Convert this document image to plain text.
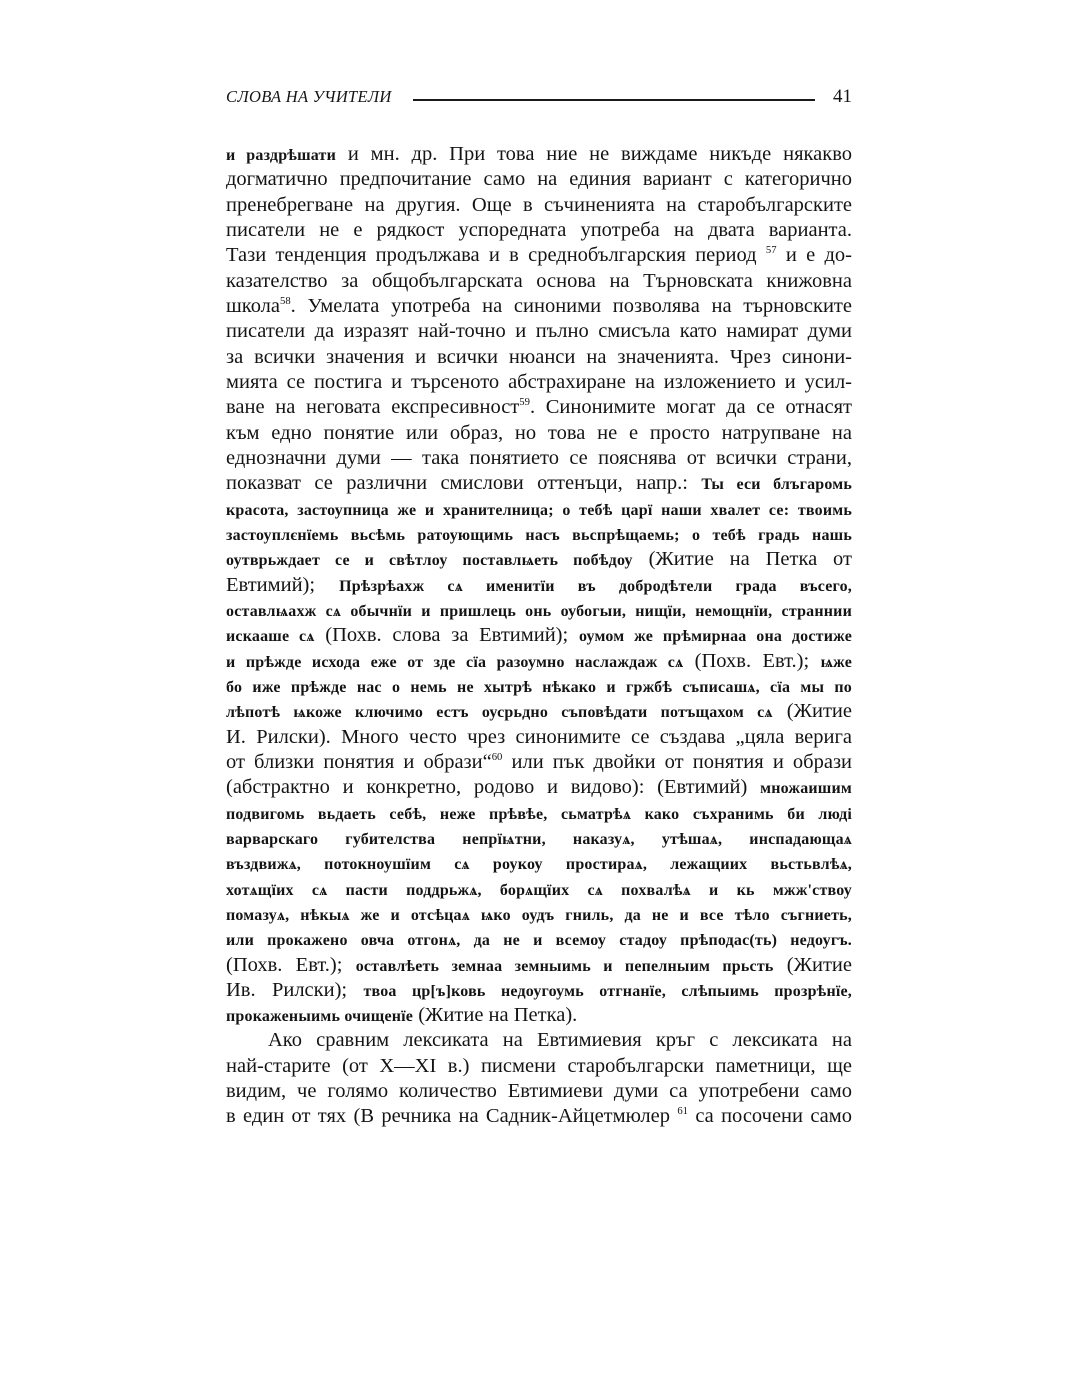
СЛОВА НА УЧИТЕЛИ	41
и раздрѣшати и мн. др. При това ние не виждаме никъде някакво
догматично предпочитание само на единия вариант с категорично
пренебрегване на другия. Още в съчиненията на старобългарските
писатели не е рядкост успоредната употреба на двата варианта.
Тази тенденция продължава и в среднобългарския период $^{57}$ и е до-
казателство за общобългарската основа на Търновската книжовна
школа$^{58}$. Умелата употреба на синоними позволява на търновските
писатели да изразят най-точно и пълно смисъла като намират думи
за всички значения и всички нюанси на значенията. Чрез синони-
мията се постига и търсеното абстрахиране на изложението и усил-
ване на неговата експресивност$^{59}$. Синонимите могат да се отнасят
към едно понятие или образ, но това не е просто натрупване на
еднозначни думи — така понятието се пояснява от всички страни,
показват се различни смислови оттенъци, напр.: Ты еси блъгаромь
красота, застоупница же и хранителница; о тебѣ царї наши хвалет се: твоимь
застоуплєнїемь вьсѣмь ратоующимь насъ вьспрѣщаемь; о тебѣ градь нашь
оутврьждает се и свѣтлоу поставлѩеть побѣдоу (Житие на Петка от
Евтимий); Прѣзрѣахж сѧ именитїи въ добродѣтели града въсего,
оставлѩахж сѧ обычнїи и пришлець онь оубогыи, нищїи, немощнїи, страннии
искааше сѧ (Похв. слова за Евтимий); оумом же прѣмирнаа она достиже
и прѣжде исхода еже от зде сїа разоумно наслаждаж сѧ (Похв. Евт.); ѩже
бо иже прѣжде нас о немь не хытрѣ нѣкако и гржбѣ съписашѧ, сїа мы по
лѣпотѣ ѩкоже ключимо естъ оусрьдно съповѣдати потъщахом сѧ (Житие
И. Рилски). Много често чрез синонимите се създава „цяла верига
от близки понятия и образи“$^{60}$ или пък двойки от понятия и образи
(абстрактно и конкретно, родово и видово): (Евтимий) множаишим
подвигомь вьдаеть себѣ, неже прѣвѣе, сьматрѣѧ како съхранимь би люді
варварскаго губителства непрїѩтни, наказуѧ, утѣшаѧ, инспадающаѧ
въздвижѧ, потокноушїим сѧ роукоу простираѧ, лежащиих вьстьвлѣѧ,
хотѧщїих сѧ пасти поддрьжѧ, борѧщїих сѧ похвалѣѧ и кь мжж'ствоу
помазуѧ, нѣкыѧ же и отсѣцаѧ ѩко оудъ гниль, да не и все тѣло съгниеть,
или прокажено овча отгонѧ, да не и всемоу стадоу прѣподас(ть) недоугъ.
(Похв. Евт.); оставлѣеть земнаа земныимь и пепелныим прьсть (Житие
Ив. Рилски); твоа цр[ъ]ковь недоугоумь отгнанїе, слѣпыимь прозрѣнїе,
прокаженыимь очищенїе (Житие на Петка).
Ако сравним лексиката на Евтимиевия кръг с лексиката на
най-старите (от X—XI в.) писмени старобългарски паметници, ще
видим, че голямо количество Евтимиеви думи са употребени само
в един от тях (В речника на Садник-Айцетмюлер $^{61}$ са посочени само
